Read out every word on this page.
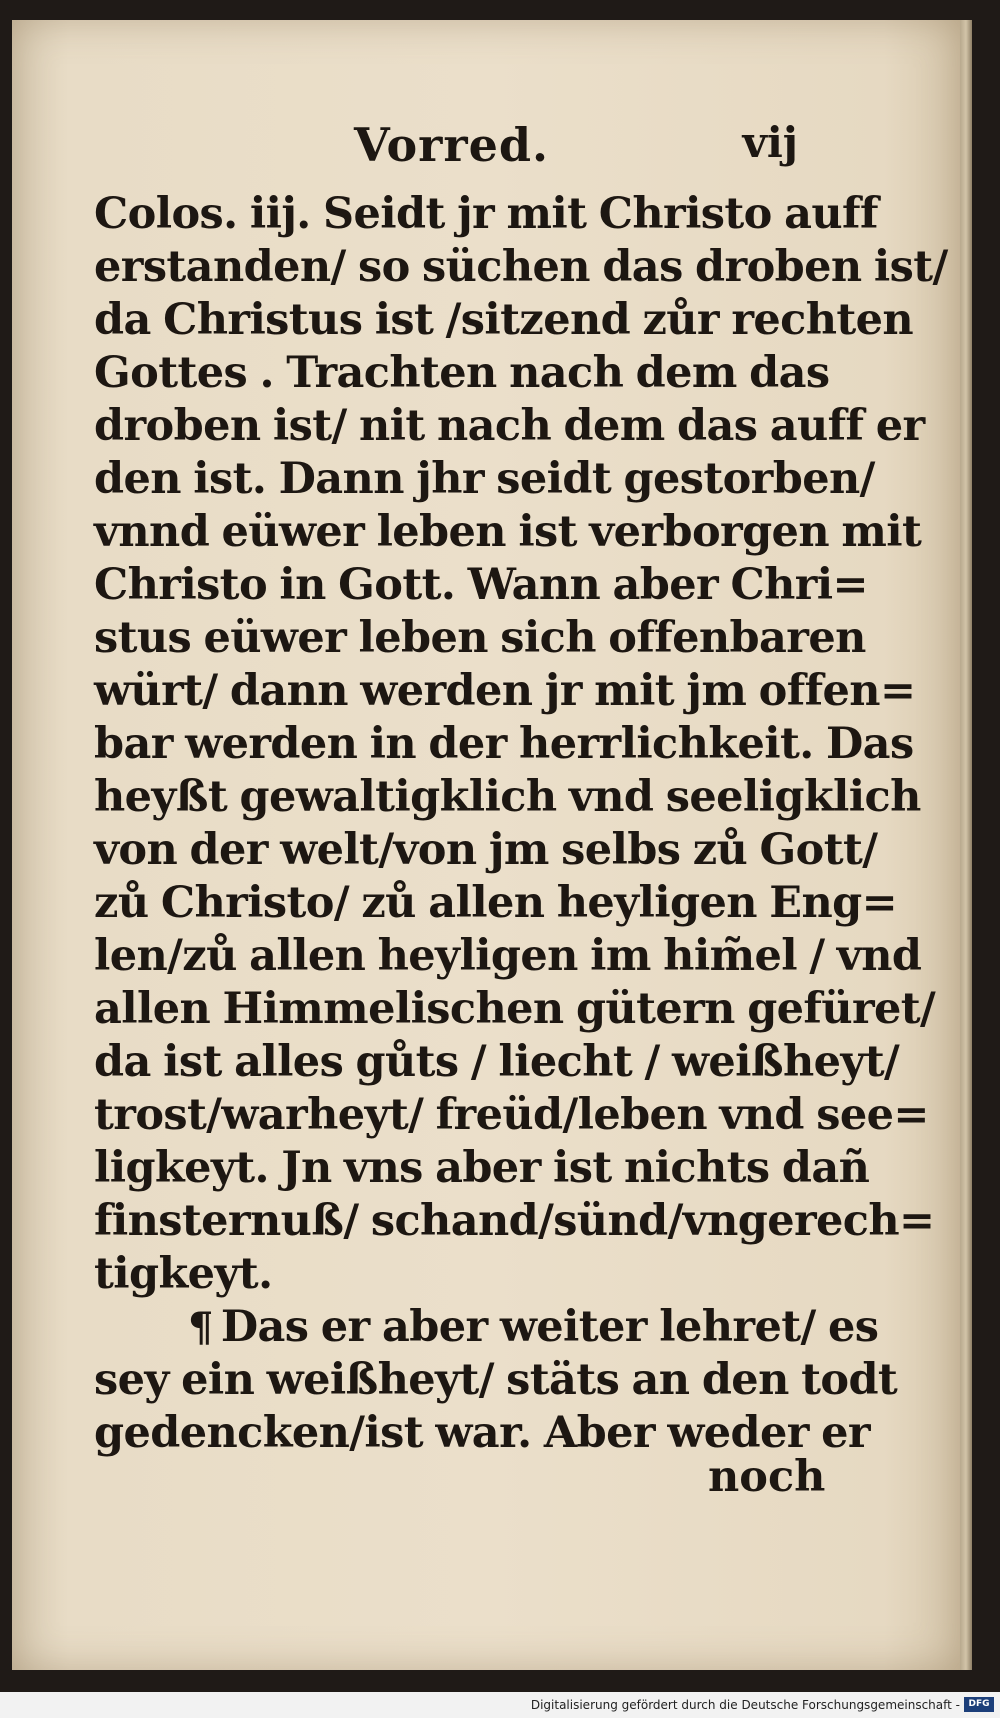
Vorred.	vij
Colos. iij. Seidt jr mit Christo auff
erstanden/ so süchen das droben ist/
da Christus ist /sitzend zůr rechten
Gottes . Trachten nach dem das
droben ist/ nit nach dem das auff er
den ist. Dann jhr seidt gestorben/
vnnd eüwer leben ist verborgen mit
Christo in Gott. Wann aber Chri=
stus eüwer leben sich offenbaren
würt/ dann werden jr mit jm offen=
bar werden in der herrlichkeit. Das
heyßt gewaltigklich vnd seeligklich
von der welt/von jm selbs zů Gott/
zů Christo/ zů allen heyligen Eng=
len/zů allen heyligen im him̃el / vnd
allen Himmelischen gütern gefüret/
da ist alles gůts / liecht / weißheyt/
trost/warheyt/ freüd/leben vnd see=
ligkeyt. Jn vns aber ist nichts dañ
finsternuß/ schand/sünd/vngerech=
tigkeyt.
¶ Das er aber weiter lehret/ es
sey ein weißheyt/ stäts an den todt
gedencken/ist war. Aber weder er
noch
Digitalisierung gefördert durch die Deutsche Forschungsgemeinschaft - DFG
